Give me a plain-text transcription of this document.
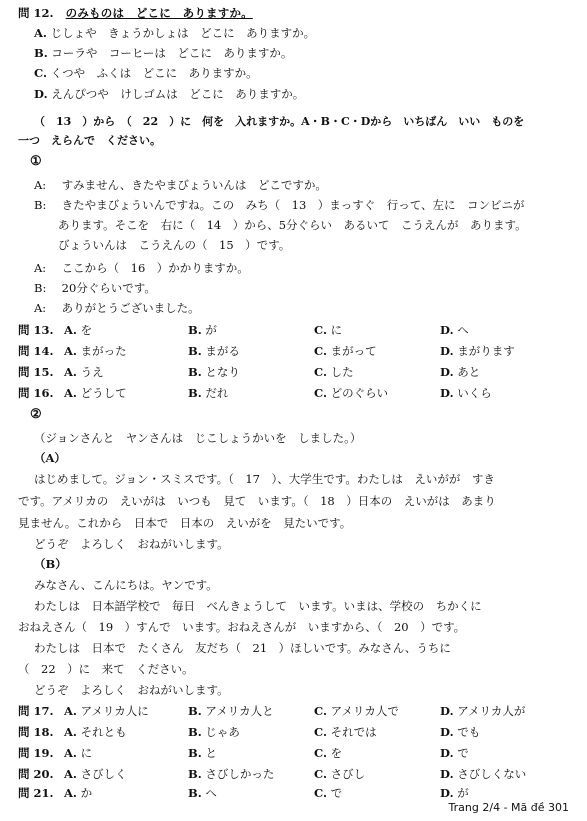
問 12. のみものは　どこに　ありますか。
A. じしょや　きょうかしょは　どこに　ありますか。
B. コーラや　コーヒーは　どこに　ありますか。
C. くつや　ふくは　どこに　ありますか。
D. えんぴつや　けしゴムは　どこに　ありますか。
（　13　）から　（　22　）に　何を　入れますか。A・B・C・Dから　いちばん　いい　ものを
一つ　えらんで　ください。
①
A: すみません、きたやまびょういんは　どこですか。
B: きたやまびょういんですね。この　みち（　13　）まっすぐ　行って、左に　コンビニが
あります。そこを　右に（　14　）から、5分ぐらい　あるいて　こうえんが　あります。
びょういんは　こうえんの（　15　）です。
A: ここから（　16　）かかりますか。
B: 20分ぐらいです。
A: ありがとうございました。
問 13. A. を	B. が	C. に	D. へ
問 14. A. まがった	B. まがる	C. まがって	D. まがります
問 15. A. うえ	B. となり	C. した	D. あと
問 16. A. どうして	B. だれ	C. どのぐらい	D. いくら
②
（ジョンさんと　ヤンさんは　じこしょうかいを　しました。）
（A）
はじめまして。ジョン・スミスです。（　17　）、大学生です。わたしは　えいがが　すき
です。アメリカの　えいがは　いつも　見て　います。（　18　）日本の　えいがは　あまり
見ません。これから　日本で　日本の　えいがを　見たいです。
どうぞ　よろしく　おねがいします。
（B）
みなさん、こんにちは。ヤンです。
わたしは　日本語学校で　毎日　べんきょうして　います。いまは、学校の　ちかくに
おねえさん（　19　）すんで　います。おねえさんが　いますから、（　20　）です。
わたしは　日本で　たくさん　友だち（　21　）ほしいです。みなさん、うちに
（　22　）に　来て　ください。
どうぞ　よろしく　おねがいします。
問 17. A. アメリカ人に	B. アメリカ人と	C. アメリカ人で	D. アメリカ人が
問 18. A. それとも	B. じゃあ	C. それでは	D. でも
問 19. A. に	B. と	C. を	D. で
問 20. A. さびしく	B. さびしかった	C. さびし	D. さびしくない
問 21. A. か	B. へ	C. で	D. が
Trang 2/4 - Mã đề 301
